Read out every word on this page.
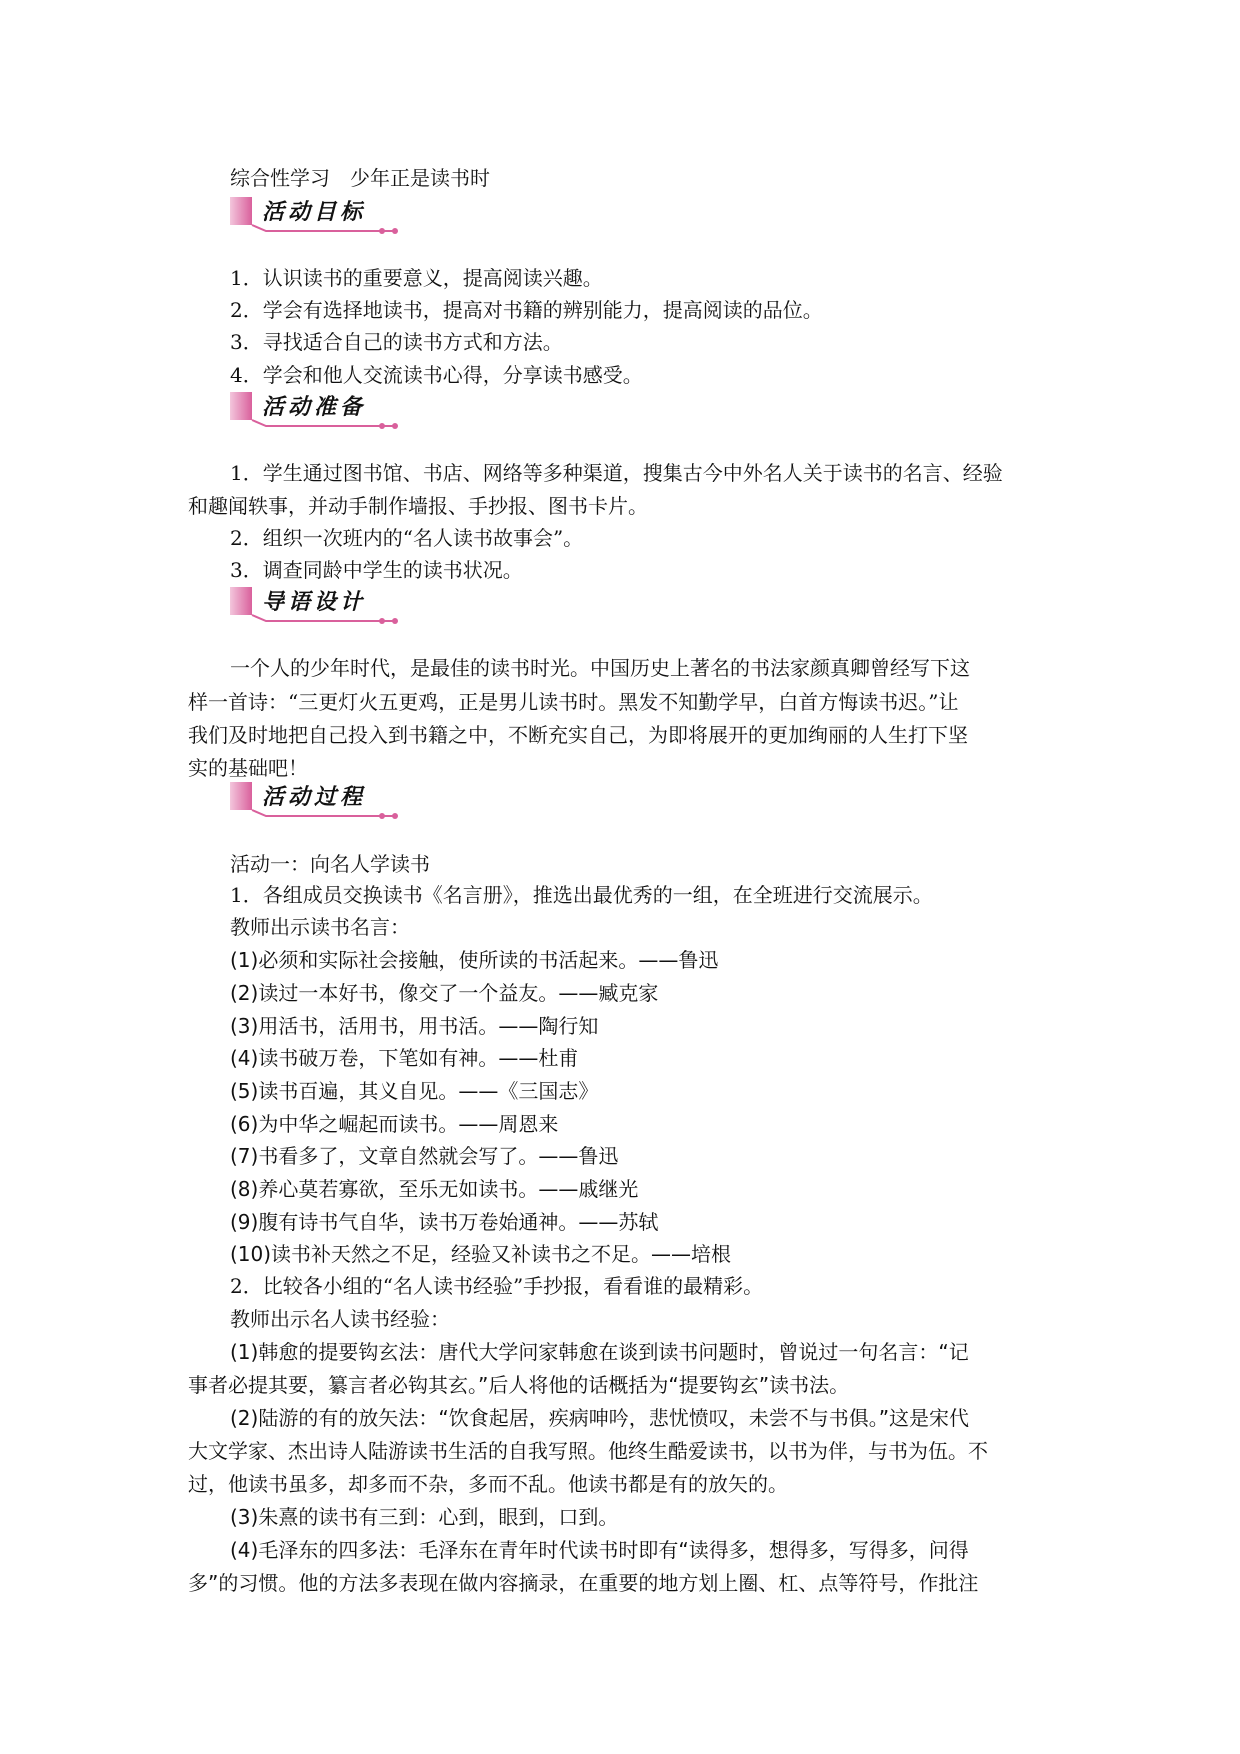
综合性学习　少年正是读书时
活动目标
1．认识读书的重要意义，提高阅读兴趣。
2．学会有选择地读书，提高对书籍的辨别能力，提高阅读的品位。
3．寻找适合自己的读书方式和方法。
4．学会和他人交流读书心得，分享读书感受。
活动准备
1．学生通过图书馆、书店、网络等多种渠道，搜集古今中外名人关于读书的名言、经验
和趣闻轶事，并动手制作墙报、手抄报、图书卡片。
2．组织一次班内的“名人读书故事会”。
3．调查同龄中学生的读书状况。
导语设计
一个人的少年时代，是最佳的读书时光。中国历史上著名的书法家颜真卿曾经写下这
样一首诗：“三更灯火五更鸡，正是男儿读书时。黑发不知勤学早，白首方悔读书迟。”让
我们及时地把自己投入到书籍之中，不断充实自己，为即将展开的更加绚丽的人生打下坚
实的基础吧！
活动过程
活动一：向名人学读书
1．各组成员交换读书《名言册》，推选出最优秀的一组，在全班进行交流展示。
教师出示读书名言：
(1)必须和实际社会接触，使所读的书活起来。——鲁迅
(2)读过一本好书，像交了一个益友。——臧克家
(3)用活书，活用书，用书活。——陶行知
(4)读书破万卷，下笔如有神。——杜甫
(5)读书百遍，其义自见。——《三国志》
(6)为中华之崛起而读书。——周恩来
(7)书看多了，文章自然就会写了。——鲁迅
(8)养心莫若寡欲，至乐无如读书。——戚继光
(9)腹有诗书气自华，读书万卷始通神。——苏轼
(10)读书补天然之不足，经验又补读书之不足。——培根
2．比较各小组的“名人读书经验”手抄报，看看谁的最精彩。
教师出示名人读书经验：
(1)韩愈的提要钩玄法：唐代大学问家韩愈在谈到读书问题时，曾说过一句名言：“记
事者必提其要，纂言者必钩其玄。”后人将他的话概括为“提要钩玄”读书法。
(2)陆游的有的放矢法：“饮食起居，疾病呻吟，悲忧愤叹，未尝不与书俱。”这是宋代
大文学家、杰出诗人陆游读书生活的自我写照。他终生酷爱读书，以书为伴，与书为伍。不
过，他读书虽多，却多而不杂，多而不乱。他读书都是有的放矢的。
(3)朱熹的读书有三到：心到，眼到，口到。
(4)毛泽东的四多法：毛泽东在青年时代读书时即有“读得多，想得多，写得多，问得
多”的习惯。他的方法多表现在做内容摘录，在重要的地方划上圈、杠、点等符号，作批注
